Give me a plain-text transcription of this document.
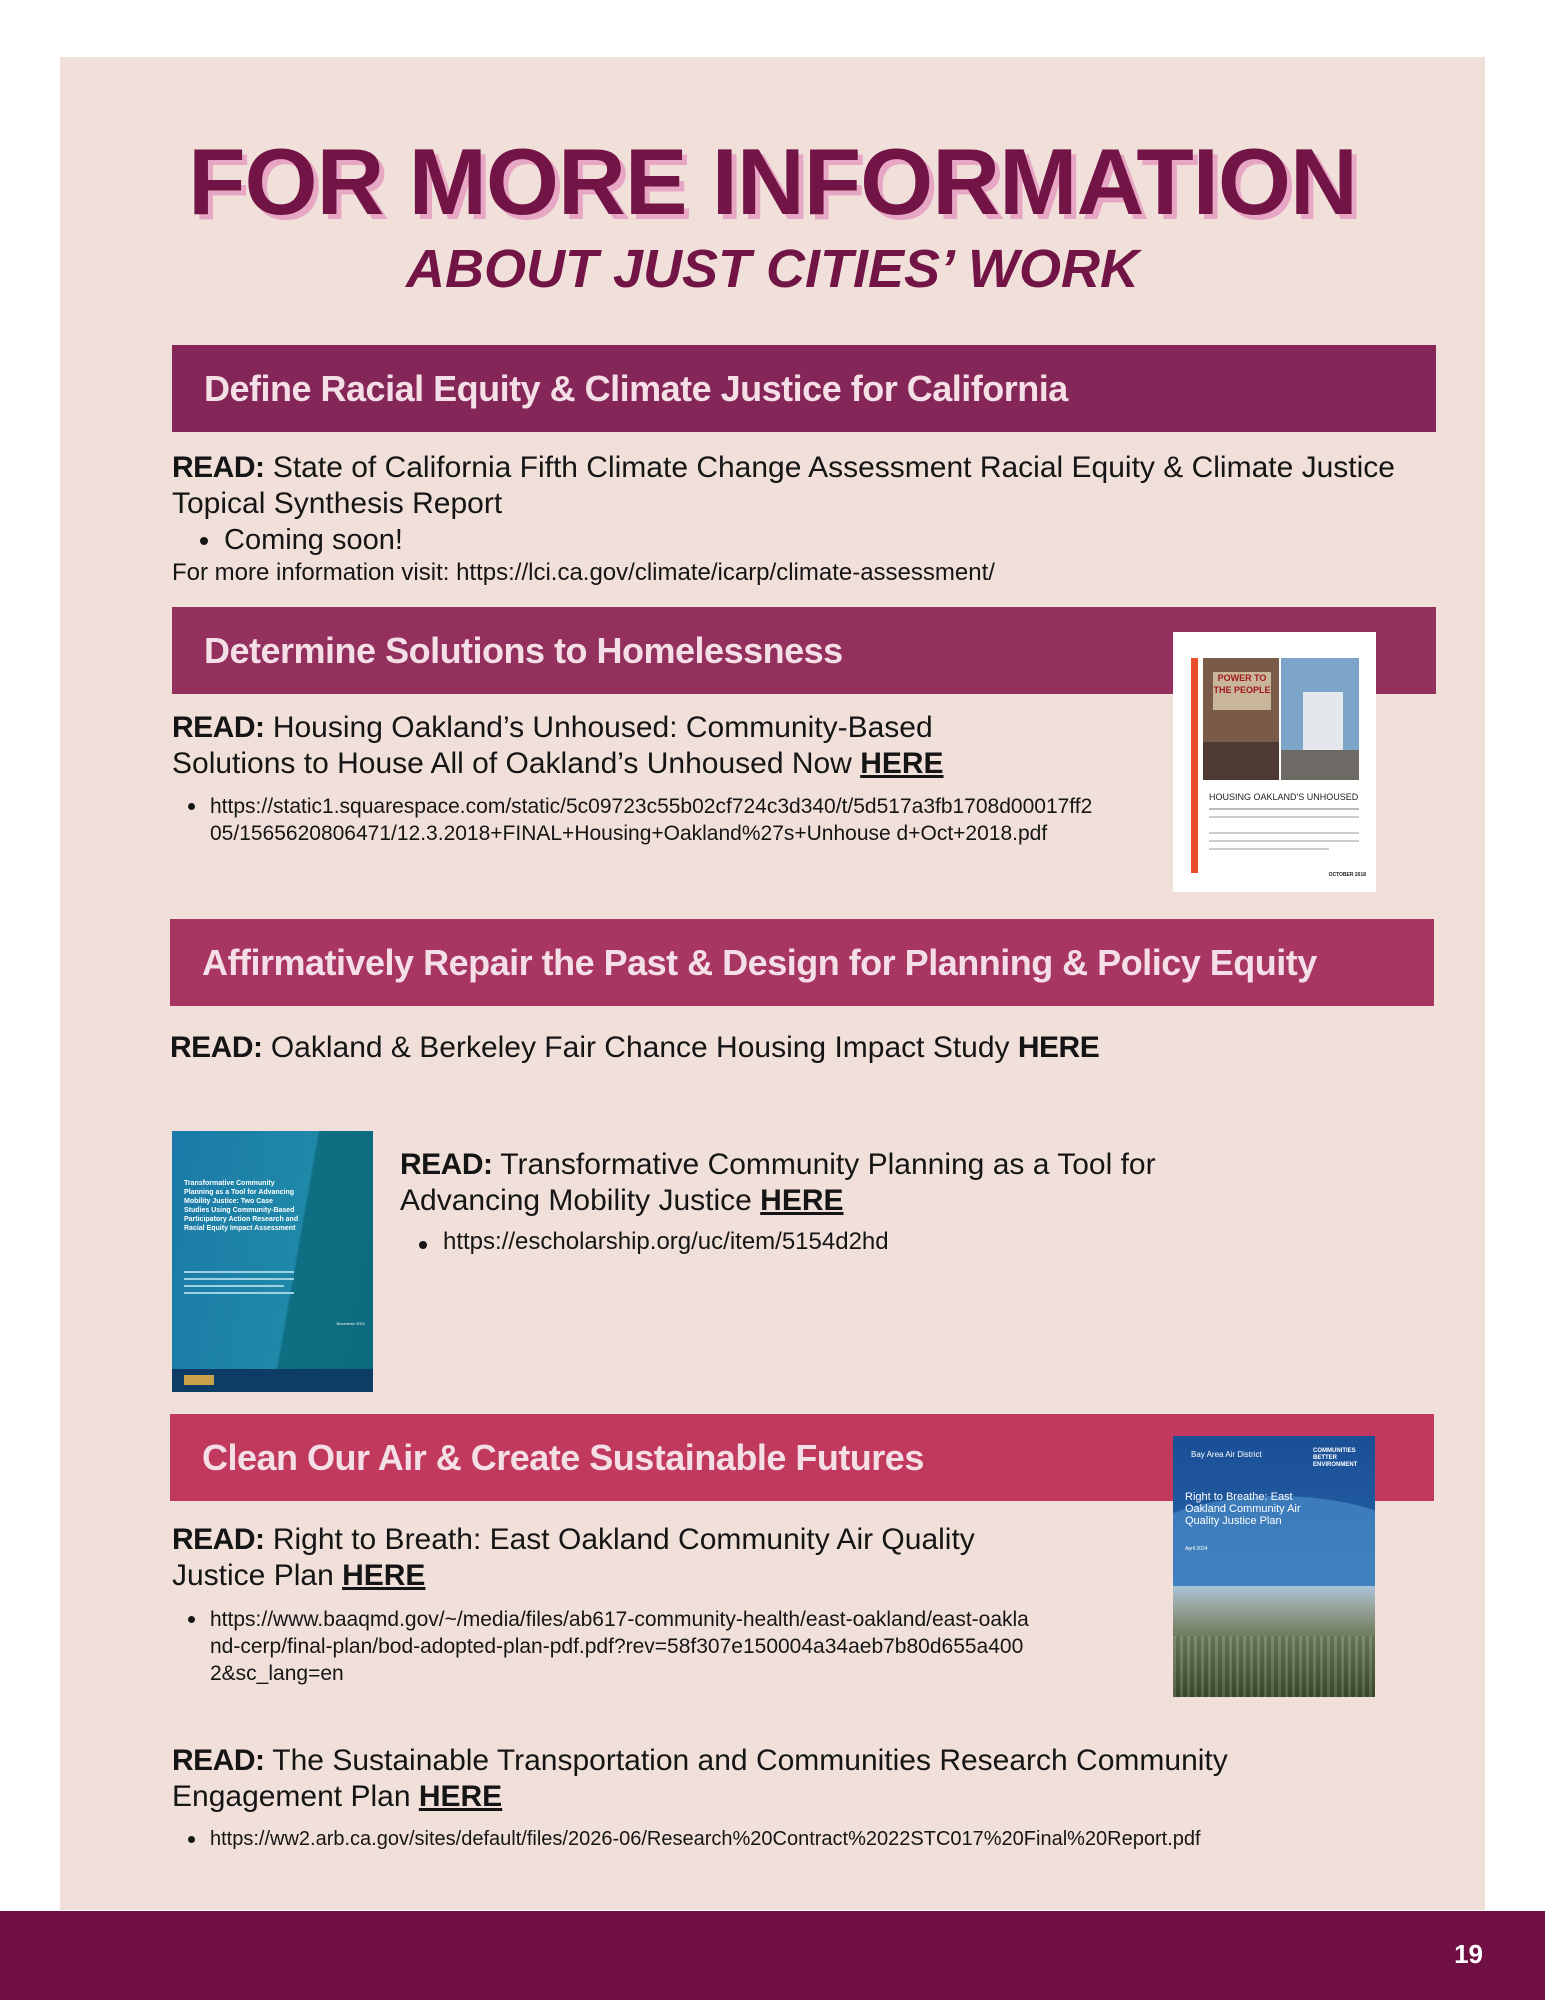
FOR MORE INFORMATION
ABOUT JUST CITIES’ WORK
Define Racial Equity & Climate Justice for California
READ: State of California Fifth Climate Change Assessment Racial Equity & Climate Justice Topical Synthesis Report
Coming soon!
For more information visit: https://lci.ca.gov/climate/icarp/climate-assessment/
Determine Solutions to Homelessness
READ: Housing Oakland’s Unhoused: Community-Based Solutions to House All of Oakland’s Unhoused Now HERE
https://static1.squarespace.com/static/5c09723c55b02cf724c3d340/t/5d517a3fb1708d00017ff205/1565620806471/12.3.2018+FINAL+Housing+Oakland%27s+Unhouse d+Oct+2018.pdf
POWER TO THE PEOPLE
HOUSING OAKLAND'S UNHOUSED
OCTOBER 2018
Affirmatively Repair the Past & Design for Planning & Policy Equity
READ: Oakland & Berkeley Fair Chance Housing Impact Study HERE
Transformative Community Planning as a Tool for Advancing Mobility Justice: Two Case Studies Using Community-Based Participatory Action Research and Racial Equity Impact Assessment
November 2021
READ: Transformative Community Planning as a Tool for Advancing Mobility Justice HERE
https://escholarship.org/uc/item/5154d2hd
Clean Our Air & Create Sustainable Futures
READ: Right to Breath: East Oakland Community Air Quality Justice Plan HERE
https://www.baaqmd.gov/~/media/files/ab617-community-health/east-oakland/east-oakland-cerp/final-plan/bod-adopted-plan-pdf.pdf?rev=58f307e150004a34aeb7b80d655a4002&sc_lang=en
Bay Area Air District	COMMUNITIES BETTER ENVIRONMENT
Right to Breathe: East Oakland Community Air Quality Justice Plan
April 2024
READ: The Sustainable Transportation and Communities Research Community Engagement Plan HERE
https://ww2.arb.ca.gov/sites/default/files/2026-06/Research%20Contract%2022STC017%20Final%20Report.pdf
19
